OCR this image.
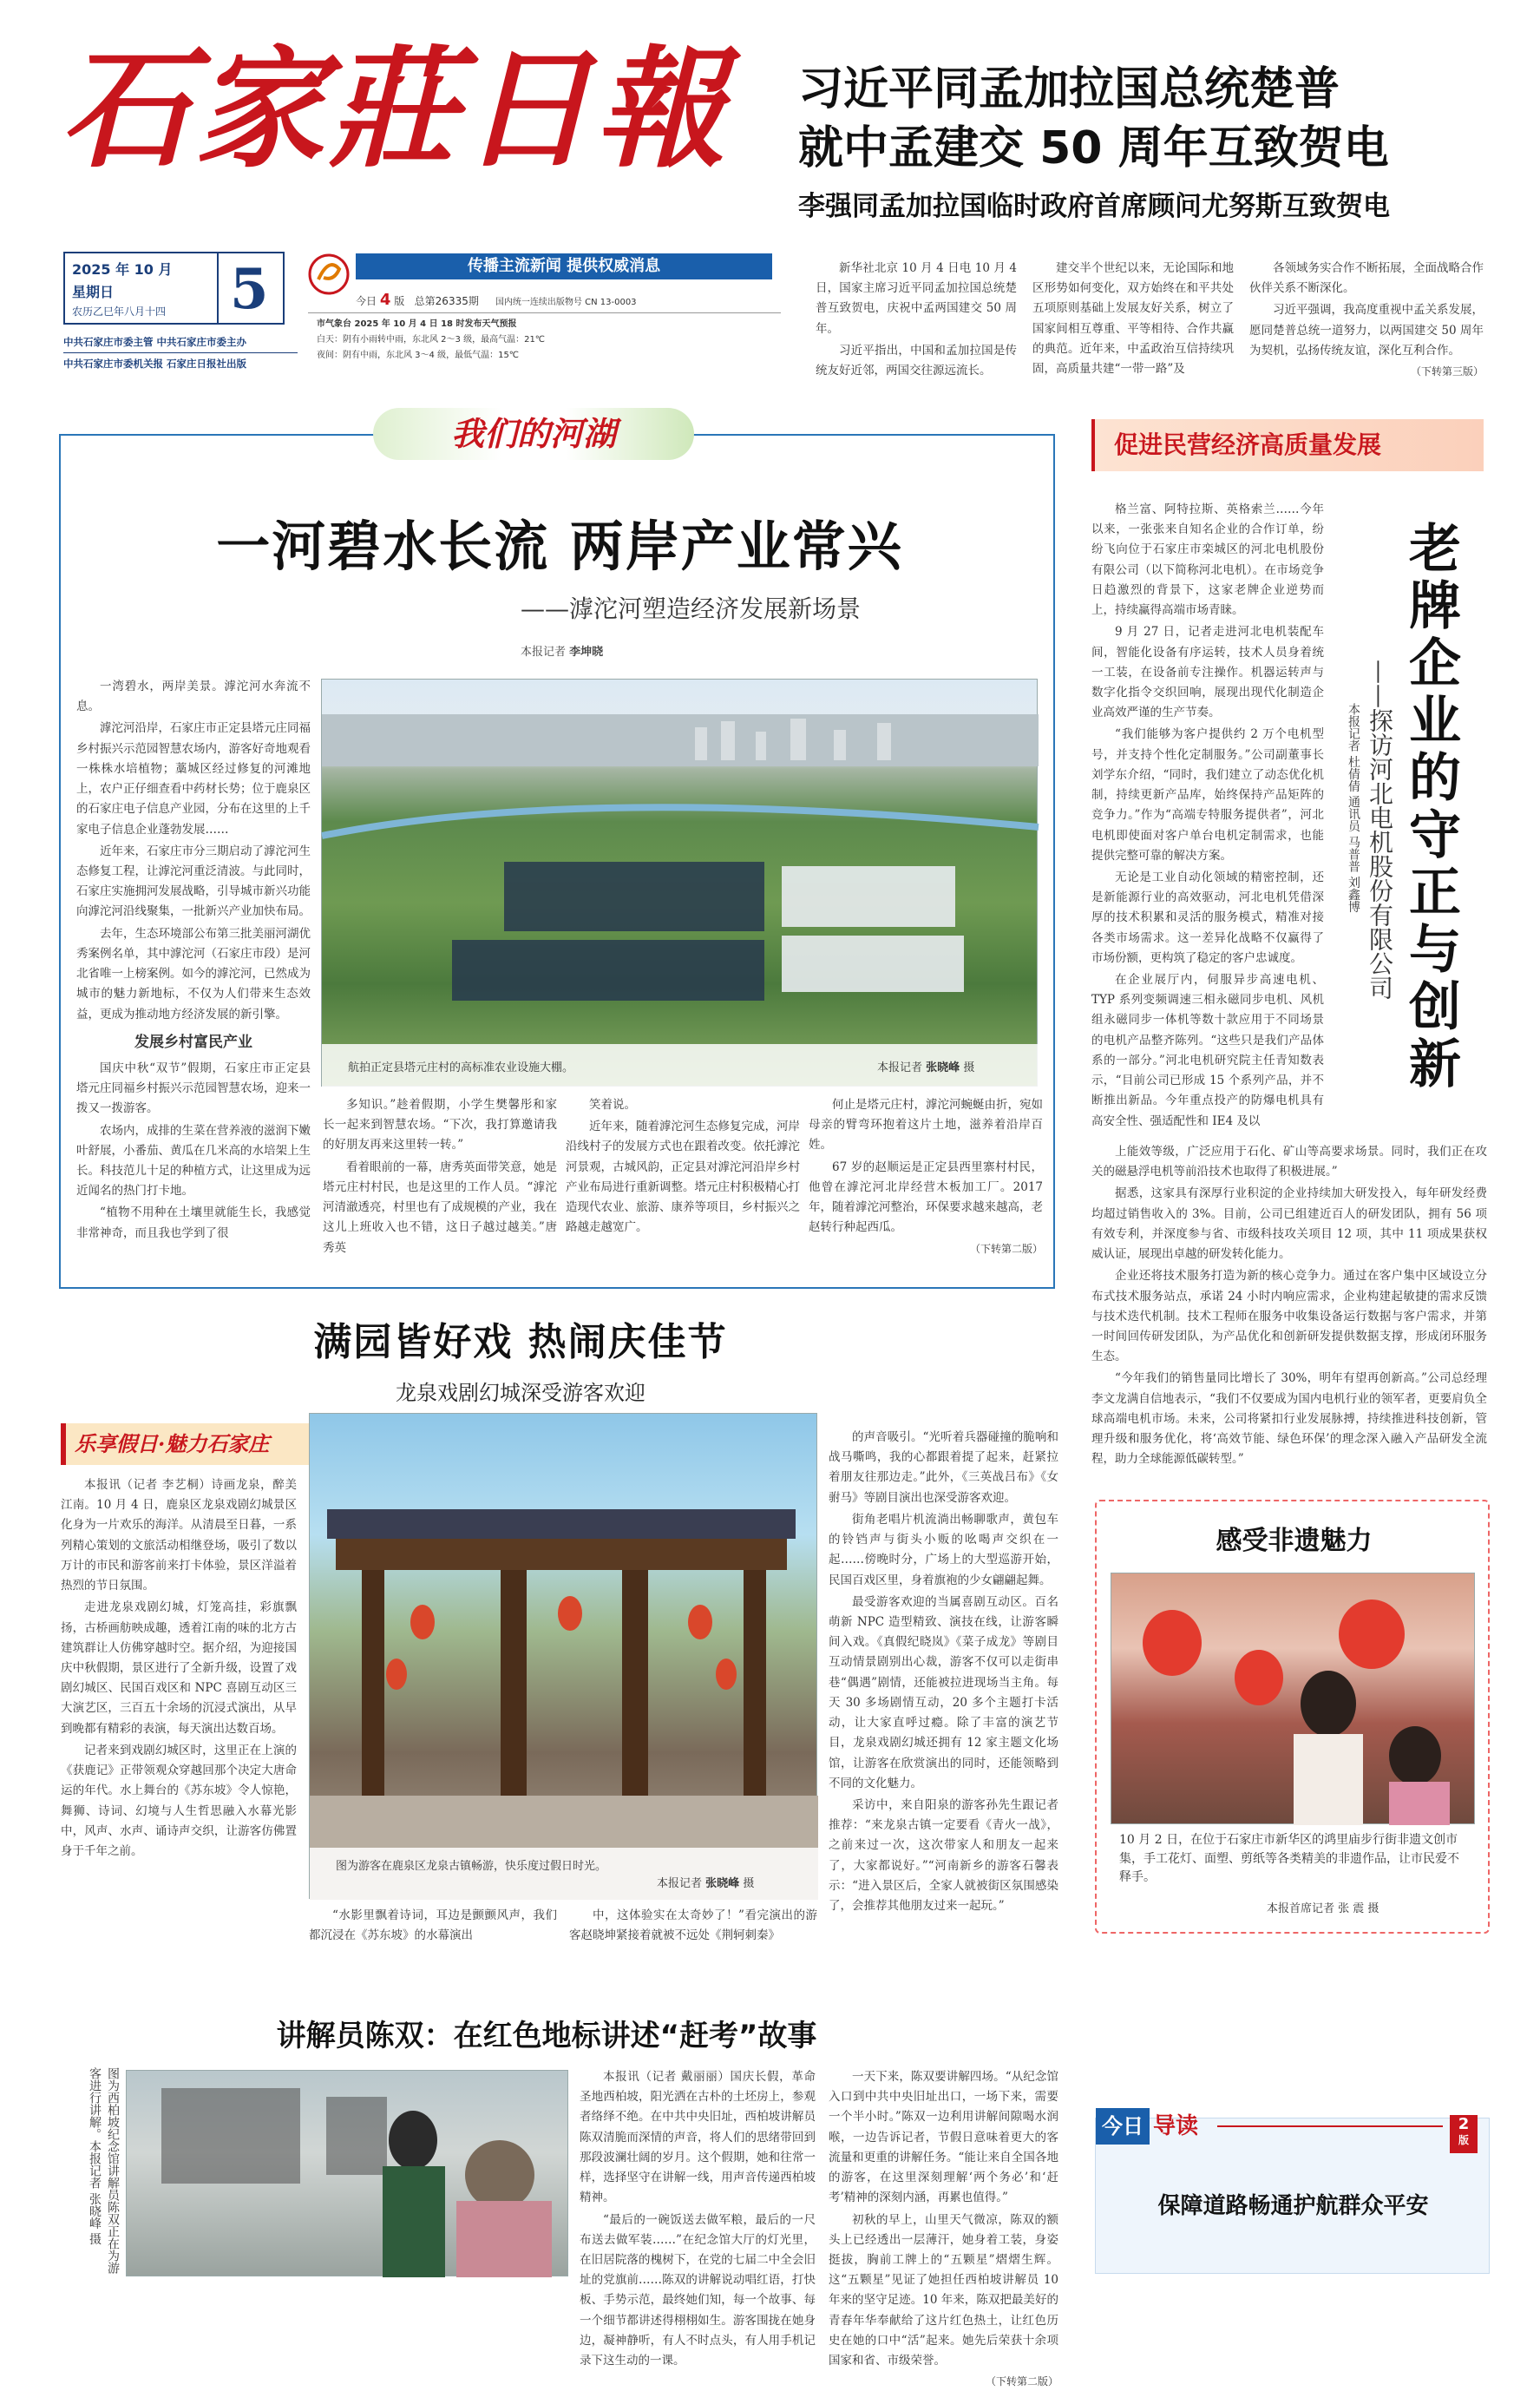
石家莊日報
2025 年 10 月
星期日
农历乙巳年八月十四 5
中共石家庄市委主管 中共石家庄市委主办
中共石家庄市委机关报 石家庄日报社出版
传播主流新闻 提供权威消息
今日 4 版 总第26335期 国内统一连续出版物号 CN 13-0003
市气象台 2025 年 10 月 4 日 18 时发布天气预报
白天：阴有小雨转中雨，东北风 2～3 级，最高气温：21℃
夜间：阴有中雨，东北风 3～4 级，最低气温：15℃
习近平同孟加拉国总统楚普
就中孟建交 50 周年互致贺电
李强同孟加拉国临时政府首席顾问尤努斯互致贺电

新华社北京 10 月 4 日电 10 月 4 日，国家主席习近平同孟加拉国总统楚普互致贺电，庆祝中孟两国建交 50 周年。

习近平指出，中国和孟加拉国是传统友好近邻，两国交往源远流长。

建交半个世纪以来，无论国际和地区形势如何变化，双方始终在和平共处五项原则基础上发展友好关系，树立了国家间相互尊重、平等相待、合作共赢的典范。近年来，中孟政治互信持续巩固，高质量共建“一带一路”及

各领域务实合作不断拓展，全面战略合作伙伴关系不断深化。

习近平强调，我高度重视中孟关系发展，愿同楚普总统一道努力，以两国建交 50 周年为契机，弘扬传统友谊，深化互利合作。

（下转第三版）
我们的河湖
一河碧水长流 两岸产业常兴
——滹沱河塑造经济发展新场景
本报记者 李坤晓

一湾碧水，两岸美景。滹沱河水奔流不息。

滹沱河沿岸，石家庄市正定县塔元庄同福乡村振兴示范园智慧农场内，游客好奇地观看一株株水培植物；藁城区经过修复的河滩地上，农户正仔细查看中药材长势；位于鹿泉区的石家庄电子信息产业园，分布在这里的上千家电子信息企业蓬勃发展……

近年来，石家庄市分三期启动了滹沱河生态修复工程，让滹沱河重泛清波。与此同时，石家庄实施拥河发展战略，引导城市新兴功能向滹沱河沿线聚集，一批新兴产业加快布局。

去年，生态环境部公布第三批美丽河湖优秀案例名单，其中滹沱河（石家庄市段）是河北省唯一上榜案例。如今的滹沱河，已然成为城市的魅力新地标，不仅为人们带来生态效益，更成为推动地方经济发展的新引擎。

发展乡村富民产业

国庆中秋“双节”假期，石家庄市正定县塔元庄同福乡村振兴示范园智慧农场，迎来一拨又一拨游客。

农场内，成排的生菜在营养液的滋润下嫩叶舒展，小番茄、黄瓜在几米高的水培架上生长。科技范儿十足的种植方式，让这里成为远近闻名的热门打卡地。

“植物不用种在土壤里就能生长，我感觉非常神奇，而且我也学到了很

航拍正定县塔元庄村的高标准农业设施大棚。	本报记者 张晓峰 摄

多知识。”趁着假期，小学生樊馨彤和家长一起来到智慧农场。“下次，我打算邀请我的好朋友再来这里转一转。”

看着眼前的一幕，唐秀英面带笑意，她是塔元庄村村民，也是这里的工作人员。“滹沱河清澈透亮，村里也有了成规模的产业，我在这儿上班收入也不错，这日子越过越美。”唐秀英

笑着说。

近年来，随着滹沱河生态修复完成，河岸沿线村子的发展方式也在跟着改变。依托滹沱河景观，古城风韵，正定县对滹沱河沿岸乡村产业布局进行重新调整。塔元庄村积极精心打造现代农业、旅游、康养等项目，乡村振兴之路越走越宽广。

何止是塔元庄村，滹沱河蜿蜒由折，宛如母亲的臂弯环抱着这片土地，滋养着沿岸百姓。

67 岁的赵顺运是正定县西里寨村村民，他曾在滹沱河北岸经营木板加工厂。2017 年，随着滹沱河整治，环保要求越来越高，老赵转行种起西瓜。

（下转第二版）
满园皆好戏 热闹庆佳节
龙泉戏剧幻城深受游客欢迎
乐享假日·魅力石家庄

本报讯（记者 李艺桐）诗画龙泉，醉美江南。10 月 4 日，鹿泉区龙泉戏剧幻城景区化身为一片欢乐的海洋。从清晨至日暮，一系列精心策划的文旅活动相继登场，吸引了数以万计的市民和游客前来打卡体验，景区洋溢着热烈的节日氛围。

走进龙泉戏剧幻城，灯笼高挂，彩旗飘扬，古桥画舫映成趣，透着江南的味的北方古建筑群让人仿佛穿越时空。据介绍，为迎接国庆中秋假期，景区进行了全新升级，设置了戏剧幻城区、民国百戏区和 NPC 喜剧互动区三大演艺区，三百五十余场的沉浸式演出，从早到晚都有精彩的表演，每天演出达数百场。

记者来到戏剧幻城区时，这里正在上演的《获鹿记》正带领观众穿越回那个决定大唐命运的年代。水上舞台的《苏东坡》令人惊艳，舞狮、诗词、幻境与人生哲思融入水幕光影中，风声、水声、诵诗声交织，让游客仿佛置身于千年之前。

图为游客在鹿泉区龙泉古镇畅游，快乐度过假日时光。
本报记者 张晓峰 摄

“水影里飘着诗词，耳边是颤颤风声，我们都沉浸在《苏东坡》的水幕演出

中，这体验实在太奇妙了！”看完演出的游客赵晓坤紧接着就被不远处《荆轲刺秦》

的声音吸引。“光听着兵器碰撞的脆响和战马嘶鸣，我的心都跟着提了起来，赶紧拉着朋友往那边走。”此外，《三英战吕布》《女驸马》等剧目演出也深受游客欢迎。

街角老唱片机流淌出畅聊歌声，黄包车的铃铛声与街头小贩的吆喝声交织在一起……傍晚时分，广场上的大型巡游开始，民国百戏区里，身着旗袍的少女翩翩起舞。

最受游客欢迎的当属喜剧互动区。百名萌新 NPC 造型精致、演技在线，让游客瞬间入戏。《真假纪晓岚》《菜子成龙》等剧目互动情景剧别出心裁，游客不仅可以走街串巷“偶遇”剧情，还能被拉进现场当主角。每天 30 多场剧情互动，20 多个主题打卡活动，让大家直呼过瘾。除了丰富的演艺节目，龙泉戏剧幻城还拥有 12 家主题文化场馆，让游客在欣赏演出的同时，还能领略到不同的文化魅力。

采访中，来自阳泉的游客孙先生跟记者推荐：“来龙泉古镇一定要看《青火一战》，之前来过一次，这次带家人和朋友一起来了，大家都说好。”“河南新乡的游客石馨表示：“进入景区后，全家人就被街区氛围感染了，会推荐其他朋友过来一起玩。”

讲解员陈双：在红色地标讲述“赶考”故事
图为西柏坡纪念馆讲解员陈双正在为游客进行讲解。本报记者 张晓峰 摄	本报讯（记者 戴丽丽）国庆长假，革命圣地西柏坡，阳光洒在古朴的土坯房上，参观者络绎不绝。在中共中央旧址，西柏坡讲解员陈双清脆而深情的声音，将人们的思绪带回到那段波澜壮阔的岁月。这个假期，她和往常一样，选择坚守在讲解一线，用声音传递西柏坡精神。

“最后的一碗饭送去做军粮，最后的一尺布送去做军装……”在纪念馆大厅的灯光里，在旧居院落的槐树下，在党的七届二中全会旧址的党旗前……陈双的讲解说动唱红语，打快板、手势示范，最终她们知，每一个故事、每一个细节都讲述得栩栩如生。游客围拢在她身边，凝神静听，有人不时点头，有人用手机记录下这生动的一课。

一天下来，陈双要讲解四场。“从纪念馆入口到中共中央旧址出口，一场下来，需要一个半小时。”陈双一边利用讲解间隙喝水润喉，一边告诉记者，节假日意味着更大的客流量和更重的讲解任务。“能让来自全国各地的游客，在这里深刻理解‘两个务必’和‘赶考’精神的深刻内涵，再累也值得。”

初秋的早上，山里天气微凉，陈双的额头上已经透出一层薄汗，她身着工装，身姿挺拔，胸前工牌上的“五颗星”熠熠生辉。这“五颗星”见证了她担任西柏坡讲解员 10 年来的坚守足迹。10 年来，陈双把最美好的青春年华奉献给了这片红色热土，让红色历史在她的口中“活”起来。她先后荣获十余项国家和省、市级荣誉。

（下转第二版）
促进民营经济高质量发展
老牌企业的守正与创新
——探访河北电机股份有限公司
本报记者 杜倩倩 通讯员 马普普 刘鑫博

格兰富、阿特拉斯、英格索兰……今年以来，一张张来自知名企业的合作订单，纷纷飞向位于石家庄市栾城区的河北电机股份有限公司（以下简称河北电机）。在市场竞争日趋激烈的背景下，这家老牌企业逆势而上，持续赢得高端市场青睐。

9 月 27 日，记者走进河北电机装配车间，智能化设备有序运转，技术人员身着统一工装，在设备前专注操作。机器运转声与数字化指令交织回响，展现出现代化制造企业高效严谨的生产节奏。

“我们能够为客户提供约 2 万个电机型号，并支持个性化定制服务。”公司副董事长刘学东介绍，“同时，我们建立了动态优化机制，持续更新产品库，始终保持产品矩阵的竞争力。”作为“高端专特服务提供者”，河北电机即使面对客户单台电机定制需求，也能提供完整可靠的解决方案。

无论是工业自动化领域的精密控制，还是新能源行业的高效驱动，河北电机凭借深厚的技术积累和灵活的服务模式，精准对接各类市场需求。这一差异化战略不仅赢得了市场份额，更构筑了稳定的客户忠诚度。

在企业展厅内，伺服异步高速电机、TYP 系列变频调速三相永磁同步电机、风机组永磁同步一体机等数十款应用于不同场景的电机产品整齐陈列。“这些只是我们产品体系的一部分。”河北电机研究院主任青知数表示，“目前公司已形成 15 个系列产品，并不断推出新品。今年重点投产的防爆电机具有高安全性、强适配性和 IE4 及以

上能效等级，广泛应用于石化、矿山等高要求场景。同时，我们正在攻关的磁悬浮电机等前沿技术也取得了积极进展。”

据悉，这家具有深厚行业积淀的企业持续加大研发投入，每年研发经费均超过销售收入的 3%。目前，公司已组建近百人的研发团队，拥有 56 项有效专利，并深度参与省、市级科技攻关项目 12 项，其中 11 项成果获权威认证，展现出卓越的研发转化能力。

企业还将技术服务打造为新的核心竞争力。通过在客户集中区域设立分布式技术服务站点，承诺 24 小时内响应需求，企业构建起敏捷的需求反馈与技术迭代机制。技术工程师在服务中收集设备运行数据与客户需求，并第一时间回传研发团队，为产品优化和创新研发提供数据支撑，形成闭环服务生态。

“今年我们的销售量同比增长了 30%，明年有望再创新高。”公司总经理李文龙满自信地表示，“我们不仅要成为国内电机行业的领军者，更要肩负全球高端电机市场。未来，公司将紧扣行业发展脉搏，持续推进科技创新，管理升级和服务优化，将‘高效节能、绿色环保’的理念深入融入产品研发全流程，助力全球能源低碳转型。”

感受非遗魅力
10 月 2 日，在位于石家庄市新华区的鸿里庙步行街非遗文创市集，手工花灯、面塑、剪纸等各类精美的非遗作品，让市民爱不释手。
本报首席记者 张 震 摄
今日 导读	2
版
保障道路畅通护航群众平安
